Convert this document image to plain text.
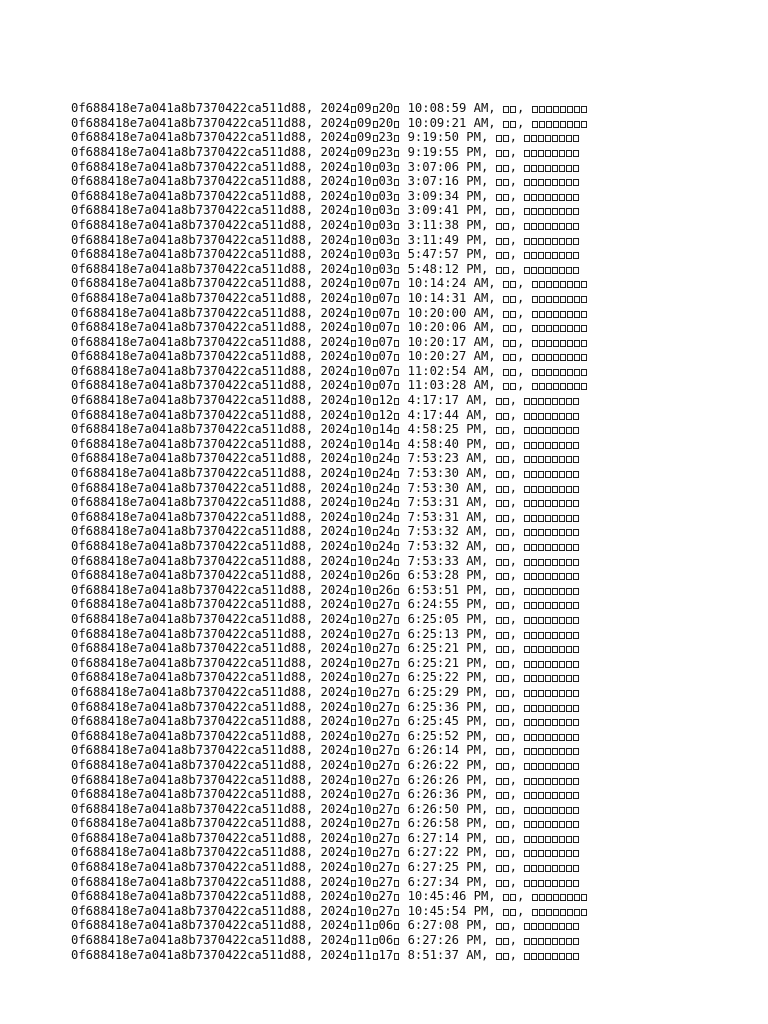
0f688418e7a041a8b7370422ca511d88, 2024 09 20 10:08:59 AM, ,
0f688418e7a041a8b7370422ca511d88, 2024 09 20 10:09:21 AM, ,
0f688418e7a041a8b7370422ca511d88, 2024 09 23 9:19:50 PM, ,
0f688418e7a041a8b7370422ca511d88, 2024 09 23 9:19:55 PM, ,
0f688418e7a041a8b7370422ca511d88, 2024 10 03 3:07:06 PM, ,
0f688418e7a041a8b7370422ca511d88, 2024 10 03 3:07:16 PM, ,
0f688418e7a041a8b7370422ca511d88, 2024 10 03 3:09:34 PM, ,
0f688418e7a041a8b7370422ca511d88, 2024 10 03 3:09:41 PM, ,
0f688418e7a041a8b7370422ca511d88, 2024 10 03 3:11:38 PM, ,
0f688418e7a041a8b7370422ca511d88, 2024 10 03 3:11:49 PM, ,
0f688418e7a041a8b7370422ca511d88, 2024 10 03 5:47:57 PM, ,
0f688418e7a041a8b7370422ca511d88, 2024 10 03 5:48:12 PM, ,
0f688418e7a041a8b7370422ca511d88, 2024 10 07 10:14:24 AM, ,
0f688418e7a041a8b7370422ca511d88, 2024 10 07 10:14:31 AM, ,
0f688418e7a041a8b7370422ca511d88, 2024 10 07 10:20:00 AM, ,
0f688418e7a041a8b7370422ca511d88, 2024 10 07 10:20:06 AM, ,
0f688418e7a041a8b7370422ca511d88, 2024 10 07 10:20:17 AM, ,
0f688418e7a041a8b7370422ca511d88, 2024 10 07 10:20:27 AM, ,
0f688418e7a041a8b7370422ca511d88, 2024 10 07 11:02:54 AM, ,
0f688418e7a041a8b7370422ca511d88, 2024 10 07 11:03:28 AM, ,
0f688418e7a041a8b7370422ca511d88, 2024 10 12 4:17:17 AM, ,
0f688418e7a041a8b7370422ca511d88, 2024 10 12 4:17:44 AM, ,
0f688418e7a041a8b7370422ca511d88, 2024 10 14 4:58:25 PM, ,
0f688418e7a041a8b7370422ca511d88, 2024 10 14 4:58:40 PM, ,
0f688418e7a041a8b7370422ca511d88, 2024 10 24 7:53:23 AM, ,
0f688418e7a041a8b7370422ca511d88, 2024 10 24 7:53:30 AM, ,
0f688418e7a041a8b7370422ca511d88, 2024 10 24 7:53:30 AM, ,
0f688418e7a041a8b7370422ca511d88, 2024 10 24 7:53:31 AM, ,
0f688418e7a041a8b7370422ca511d88, 2024 10 24 7:53:31 AM, ,
0f688418e7a041a8b7370422ca511d88, 2024 10 24 7:53:32 AM, ,
0f688418e7a041a8b7370422ca511d88, 2024 10 24 7:53:32 AM, ,
0f688418e7a041a8b7370422ca511d88, 2024 10 24 7:53:33 AM, ,
0f688418e7a041a8b7370422ca511d88, 2024 10 26 6:53:28 PM, ,
0f688418e7a041a8b7370422ca511d88, 2024 10 26 6:53:51 PM, ,
0f688418e7a041a8b7370422ca511d88, 2024 10 27 6:24:55 PM, ,
0f688418e7a041a8b7370422ca511d88, 2024 10 27 6:25:05 PM, ,
0f688418e7a041a8b7370422ca511d88, 2024 10 27 6:25:13 PM, ,
0f688418e7a041a8b7370422ca511d88, 2024 10 27 6:25:21 PM, ,
0f688418e7a041a8b7370422ca511d88, 2024 10 27 6:25:21 PM, ,
0f688418e7a041a8b7370422ca511d88, 2024 10 27 6:25:22 PM, ,
0f688418e7a041a8b7370422ca511d88, 2024 10 27 6:25:29 PM, ,
0f688418e7a041a8b7370422ca511d88, 2024 10 27 6:25:36 PM, ,
0f688418e7a041a8b7370422ca511d88, 2024 10 27 6:25:45 PM, ,
0f688418e7a041a8b7370422ca511d88, 2024 10 27 6:25:52 PM, ,
0f688418e7a041a8b7370422ca511d88, 2024 10 27 6:26:14 PM, ,
0f688418e7a041a8b7370422ca511d88, 2024 10 27 6:26:22 PM, ,
0f688418e7a041a8b7370422ca511d88, 2024 10 27 6:26:26 PM, ,
0f688418e7a041a8b7370422ca511d88, 2024 10 27 6:26:36 PM, ,
0f688418e7a041a8b7370422ca511d88, 2024 10 27 6:26:50 PM, ,
0f688418e7a041a8b7370422ca511d88, 2024 10 27 6:26:58 PM, ,
0f688418e7a041a8b7370422ca511d88, 2024 10 27 6:27:14 PM, ,
0f688418e7a041a8b7370422ca511d88, 2024 10 27 6:27:22 PM, ,
0f688418e7a041a8b7370422ca511d88, 2024 10 27 6:27:25 PM, ,
0f688418e7a041a8b7370422ca511d88, 2024 10 27 6:27:34 PM, ,
0f688418e7a041a8b7370422ca511d88, 2024 10 27 10:45:46 PM, ,
0f688418e7a041a8b7370422ca511d88, 2024 10 27 10:45:54 PM, ,
0f688418e7a041a8b7370422ca511d88, 2024 11 06 6:27:08 PM, ,
0f688418e7a041a8b7370422ca511d88, 2024 11 06 6:27:26 PM, ,
0f688418e7a041a8b7370422ca511d88, 2024 11 17 8:51:37 AM, ,
